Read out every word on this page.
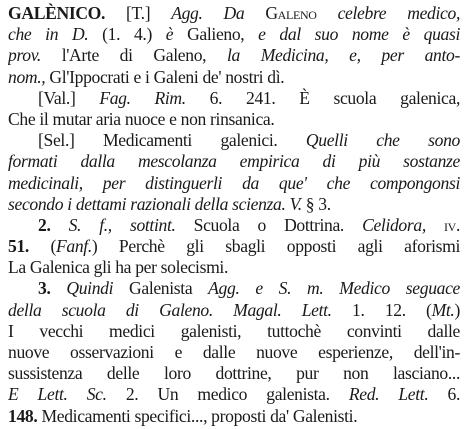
GALÈNICO. [T.] Agg. Da Galeno celebre medico,
che in D. (1. 4.) è Galieno, e dal suo nome è quasi
prov. l'Arte di Galeno, la Medicina, e, per anto-
nom., Gl'Ippocrati e i Galeni de' nostri dì.
[Val.] Fag. Rim. 6. 241. È scuola galenica,
Che il mutar aria nuoce e non rinsanica.
[Sel.] Medicamenti galenici. Quelli che sono
formati dalla mescolanza empirica di più sostanze
medicinali, per distinguerli da que' che compongonsi
secondo i dettami razionali della scienza. V. § 3.
2. S. f., sottint. Scuola o Dottrina. Celidora, iv.
51. (Fanf.) Perchè gli sbagli opposti agli aforismi
La Galenica gli ha per solecismi.
3. Quindi Galenista Agg. e S. m. Medico seguace
della scuola di Galeno. Magal. Lett. 1. 12. (Mt.)
I vecchi medici galenisti, tuttochè convinti dalle
nuove osservazioni e dalle nuove esperienze, dell'in-
sussistenza delle loro dottrine, pur non lasciano...
E Lett. Sc. 2. Un medico galenista. Red. Lett. 6.
148. Medicamenti specifici..., proposti da' Galenisti.
